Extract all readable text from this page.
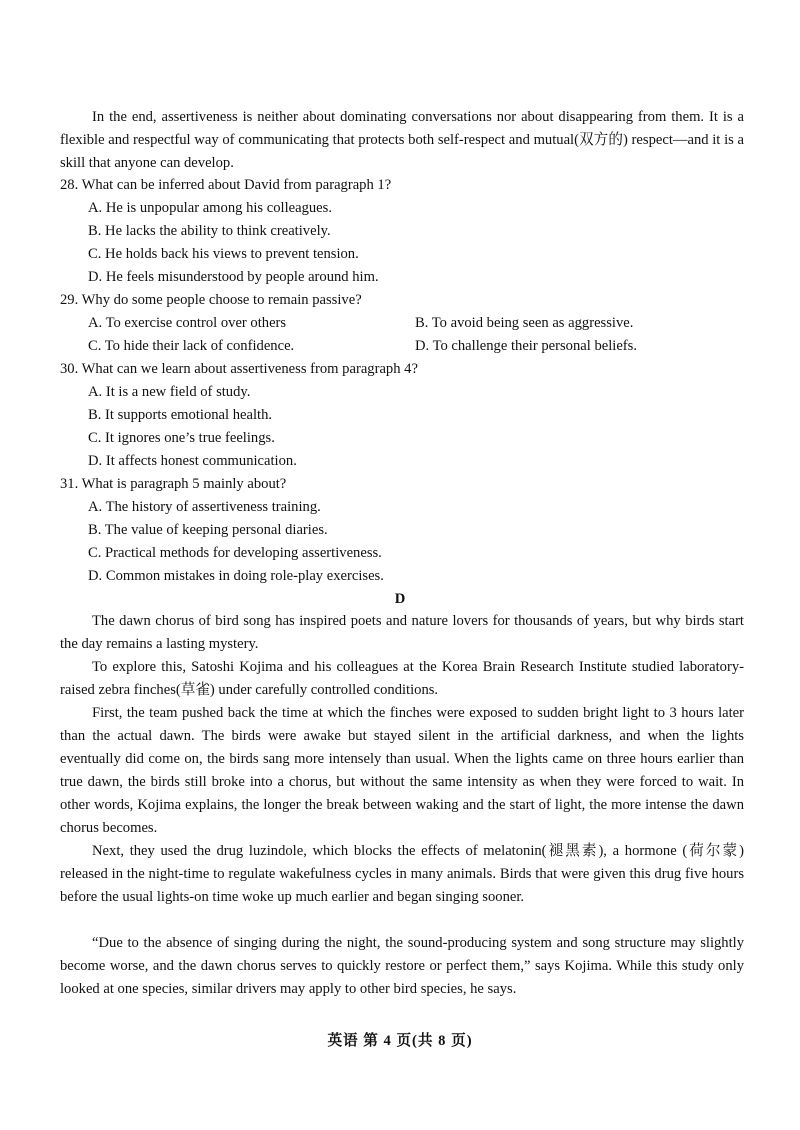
In the end, assertiveness is neither about dominating conversations nor about disappearing from them. It is a flexible and respectful way of communicating that protects both self-respect and mutual(双方的) respect—and it is a skill that anyone can develop.

28. What can be inferred about David from paragraph 1?

A. He is unpopular among his colleagues.

B. He lacks the ability to think creatively.

C. He holds back his views to prevent tension.

D. He feels misunderstood by people around him.

29. Why do some people choose to remain passive?

A. To exercise control over others	B. To avoid being seen as aggressive.

C. To hide their lack of confidence.	D. To challenge their personal beliefs.

30. What can we learn about assertiveness from paragraph 4?

A. It is a new field of study.

B. It supports emotional health.

C. It ignores one’s true feelings.

D. It affects honest communication.

31. What is paragraph 5 mainly about?

A. The history of assertiveness training.

B. The value of keeping personal diaries.

C. Practical methods for developing assertiveness.

D. Common mistakes in doing role-play exercises.

D

The dawn chorus of bird song has inspired poets and nature lovers for thousands of years, but why birds start the day remains a lasting mystery.

To explore this, Satoshi Kojima and his colleagues at the Korea Brain Research Institute studied laboratory-raised zebra finches(草雀) under carefully controlled conditions.

First, the team pushed back the time at which the finches were exposed to sudden bright light to 3 hours later than the actual dawn. The birds were awake but stayed silent in the artificial darkness, and when the lights eventually did come on, the birds sang more intensely than usual. When the lights came on three hours earlier than true dawn, the birds still broke into a chorus, but without the same intensity as when they were forced to wait. In other words, Kojima explains, the longer the break between waking and the start of light, the more intense the dawn chorus becomes.

Next, they used the drug luzindole, which blocks the effects of melatonin(褪黑素), a hormone (荷尔蒙) released in the night-time to regulate wakefulness cycles in many animals. Birds that were given this drug five hours before the usual lights-on time woke up much earlier and began singing sooner.

“Due to the absence of singing during the night, the sound-producing system and song structure may slightly become worse, and the dawn chorus serves to quickly restore or perfect them,” says Kojima. While this study only looked at one species, similar drivers may apply to other bird species, he says.

英语 第 4 页(共 8 页)
